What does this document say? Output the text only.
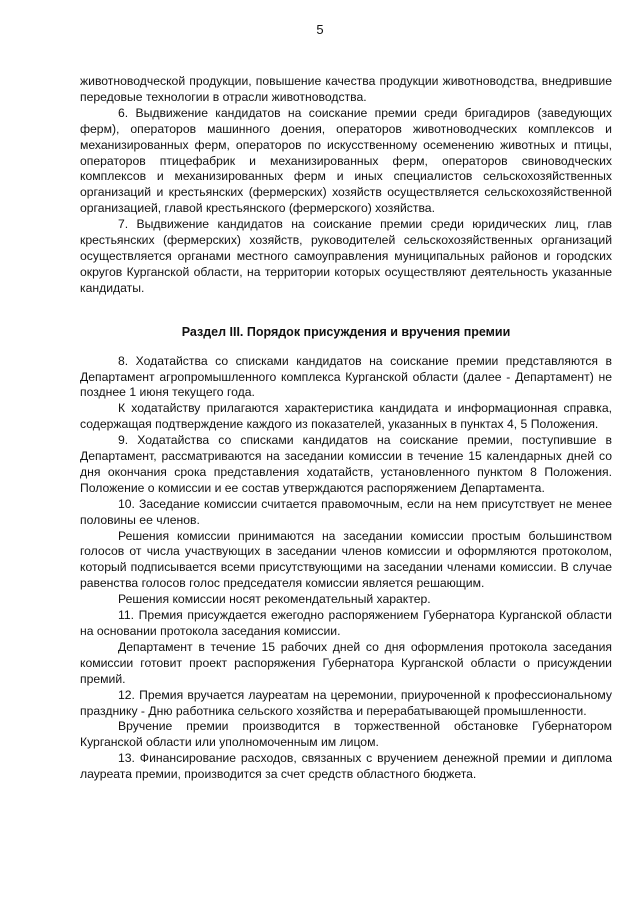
5

животноводческой продукции, повышение качества продукции животноводства, внедрившие передовые технологии в отрасли животноводства.

6. Выдвижение кандидатов на соискание премии среди бригадиров (заведующих ферм), операторов машинного доения, операторов животноводческих комплексов и механизированных ферм, операторов по искусственному осеменению животных и птицы, операторов птицефабрик и механизированных ферм, операторов свиноводческих комплексов и механизированных ферм и иных специалистов сельскохозяйственных организаций и крестьянских (фермерских) хозяйств осуществляется сельскохозяйственной организацией, главой крестьянского (фермерского) хозяйства.

7. Выдвижение кандидатов на соискание премии среди юридических лиц, глав крестьянских (фермерских) хозяйств, руководителей сельскохозяйственных организаций осуществляется органами местного самоуправления муниципальных районов и городских округов Курганской области, на территории которых осуществляют деятельность указанные кандидаты.

Раздел III. Порядок присуждения и вручения премии

8. Ходатайства со списками кандидатов на соискание премии представляются в Департамент агропромышленного комплекса Курганской области (далее - Департамент) не позднее 1 июня текущего года.

К ходатайству прилагаются характеристика кандидата и информационная справка, содержащая подтверждение каждого из показателей, указанных в пунктах 4, 5 Положения.

9. Ходатайства со списками кандидатов на соискание премии, поступившие в Департамент, рассматриваются на заседании комиссии в течение 15 календарных дней со дня окончания срока представления ходатайств, установленного пунктом 8 Положения. Положение о комиссии и ее состав утверждаются распоряжением Департамента.

10. Заседание комиссии считается правомочным, если на нем присутствует не менее половины ее членов.

Решения комиссии принимаются на заседании комиссии простым большинством голосов от числа участвующих в заседании членов комиссии и оформляются протоколом, который подписывается всеми присутствующими на заседании членами комиссии. В случае равенства голосов голос председателя комиссии является решающим.

Решения комиссии носят рекомендательный характер.

11. Премия присуждается ежегодно распоряжением Губернатора Курганской области на основании протокола заседания комиссии.

Департамент в течение 15 рабочих дней со дня оформления протокола заседания комиссии готовит проект распоряжения Губернатора Курганской области о присуждении премий.

12. Премия вручается лауреатам на церемонии, приуроченной к профессиональному празднику - Дню работника сельского хозяйства и перерабатывающей промышленности.

Вручение премии производится в торжественной обстановке Губернатором Курганской области или уполномоченным им лицом.

13. Финансирование расходов, связанных с вручением денежной премии и диплома лауреата премии, производится за счет средств областного бюджета.
